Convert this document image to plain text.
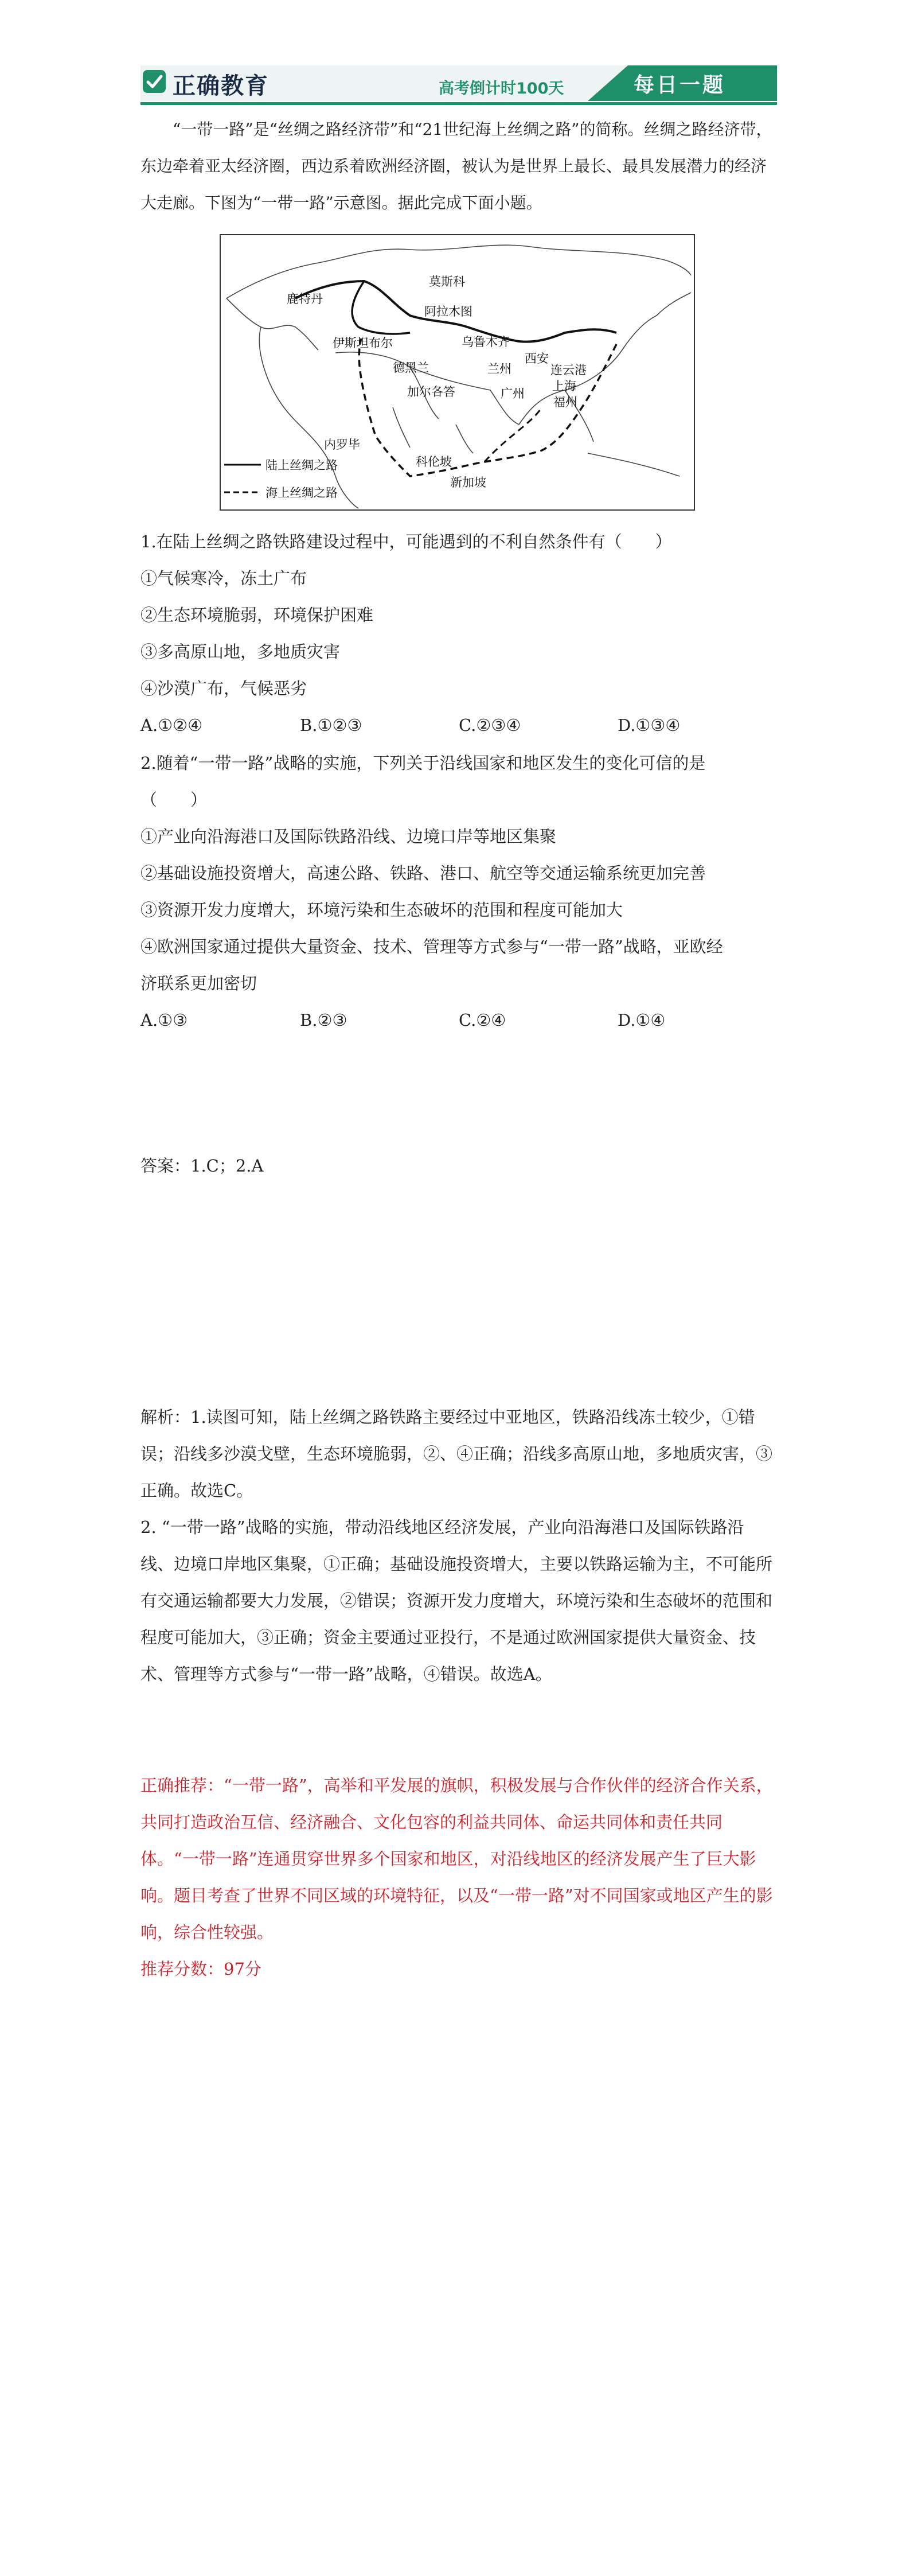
正确教育	高考倒计时100天	每日一题
“一带一路”是“丝绸之路经济带”和“21世纪海上丝绸之路”的简称。丝绸之路经济带，东边牵着亚太经济圈，西边系着欧洲经济圈，被认为是世界上最长、最具发展潜力的经济大走廊。下图为“一带一路”示意图。据此完成下面小题。
莫斯科
鹿特丹
阿拉木图
伊斯坦布尔	乌鲁木齐
西安
德黑兰	兰州	连云港
加尔各答	广州
上海
福州
内罗毕
科伦坡
新加坡
陆上丝绸之路
海上丝绸之路
1.在陆上丝绸之路铁路建设过程中，可能遇到的不利自然条件有（　　）
①气候寒冷，冻土广布
②生态环境脆弱，环境保护困难
③多高原山地，多地质灾害
④沙漠广布，气候恶劣
A.①②④	B.①②③	C.②③④	D.①③④
2.随着“一带一路”战略的实施，下列关于沿线国家和地区发生的变化可信的是
（　　）
①产业向沿海港口及国际铁路沿线、边境口岸等地区集聚
②基础设施投资增大，高速公路、铁路、港口、航空等交通运输系统更加完善
③资源开发力度增大，环境污染和生态破坏的范围和程度可能加大
④欧洲国家通过提供大量资金、技术、管理等方式参与“一带一路”战略，亚欧经
济联系更加密切
A.①③	B.②③	C.②④	D.①④
答案：1.C；2.A
解析：1.读图可知，陆上丝绸之路铁路主要经过中亚地区，铁路沿线冻土较少，①错误；沿线多沙漠戈壁，生态环境脆弱，②、④正确；沿线多高原山地，多地质灾害，③正确。故选C。
2. “一带一路”战略的实施，带动沿线地区经济发展，产业向沿海港口及国际铁路沿线、边境口岸地区集聚，①正确；基础设施投资增大，主要以铁路运输为主，不可能所有交通运输都要大力发展，②错误；资源开发力度增大，环境污染和生态破坏的范围和程度可能加大，③正确；资金主要通过亚投行，不是通过欧洲国家提供大量资金、技术、管理等方式参与“一带一路”战略，④错误。故选A。
正确推荐：“一带一路”，高举和平发展的旗帜，积极发展与合作伙伴的经济合作关系，共同打造政治互信、经济融合、文化包容的利益共同体、命运共同体和责任共同体。“一带一路”连通贯穿世界多个国家和地区，对沿线地区的经济发展产生了巨大影响。题目考查了世界不同区域的环境特征，以及“一带一路”对不同国家或地区产生的影响，综合性较强。
推荐分数：97分
